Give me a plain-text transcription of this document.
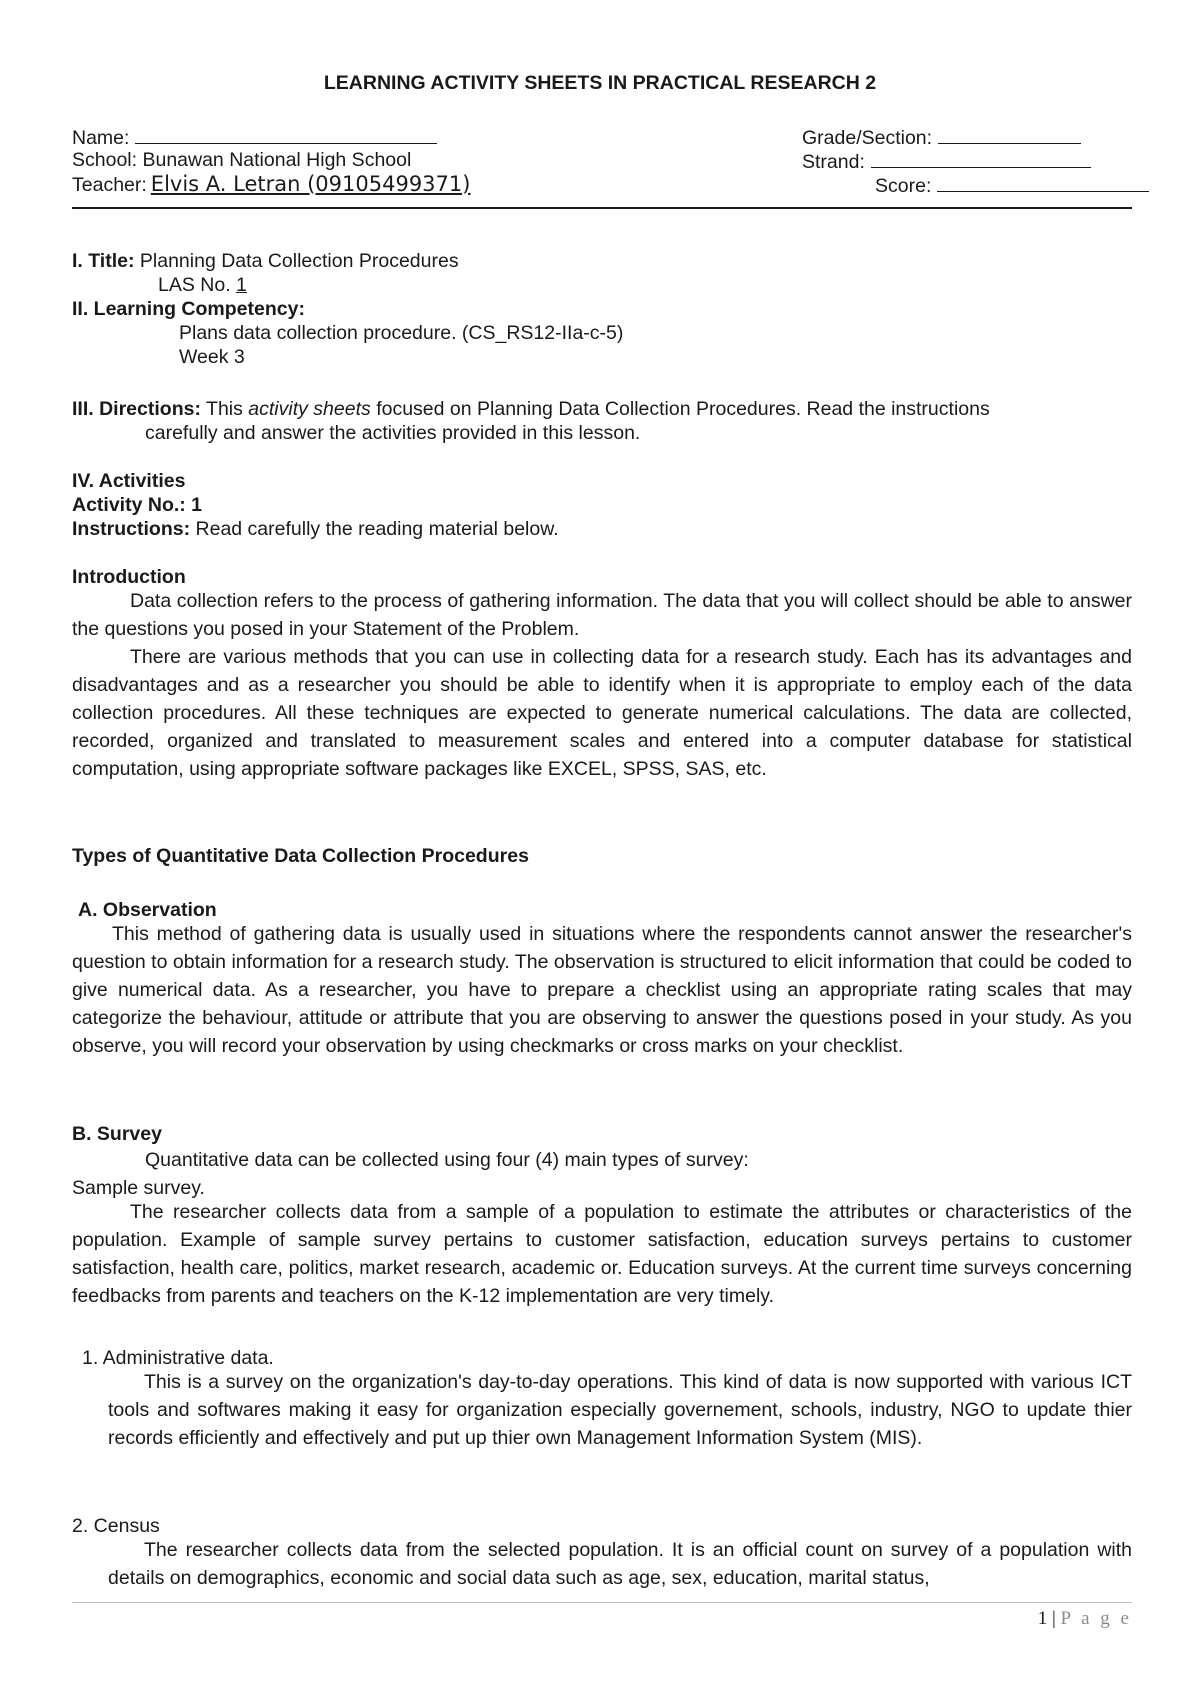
LEARNING ACTIVITY SHEETS IN PRACTICAL RESEARCH 2
Name:	Grade/Section:
School: Bunawan National High School	Strand:
Teacher: Elvis A. Letran (09105499371)	Score:
I. Title: Planning Data Collection Procedures
LAS No. 1
II. Learning Competency:
Plans data collection procedure. (CS_RS12-IIa-c-5)
Week 3
III. Directions: This activity sheets focused on Planning Data Collection Procedures. Read the instructions
carefully and answer the activities provided in this lesson.
IV. Activities
Activity No.: 1
Instructions: Read carefully the reading material below.
Introduction
Data collection refers to the process of gathering information. The data that you will collect should be able to answer the questions you posed in your Statement of the Problem.
There are various methods that you can use in collecting data for a research study. Each has its advantages and disadvantages and as a researcher you should be able to identify when it is appropriate to employ each of the data collection procedures. All these techniques are expected to generate numerical calculations. The data are collected, recorded, organized and translated to measurement scales and entered into a computer database for statistical computation, using appropriate software packages like EXCEL, SPSS, SAS, etc.
Types of Quantitative Data Collection Procedures
A. Observation
This method of gathering data is usually used in situations where the respondents cannot answer the researcher's question to obtain information for a research study. The observation is structured to elicit information that could be coded to give numerical data. As a researcher, you have to prepare a checklist using an appropriate rating scales that may categorize the behaviour, attitude or attribute that you are observing to answer the questions posed in your study. As you observe, you will record your observation by using checkmarks or cross marks on your checklist.
B. Survey
Quantitative data can be collected using four (4) main types of survey:
Sample survey.
The researcher collects data from a sample of a population to estimate the attributes or characteristics of the population. Example of sample survey pertains to customer satisfaction, education surveys pertains to customer satisfaction, health care, politics, market research, academic or. Education surveys. At the current time surveys concerning feedbacks from parents and teachers on the K-12 implementation are very timely.
1. Administrative data.
This is a survey on the organization's day-to-day operations. This kind of data is now supported with various ICT tools and softwares making it easy for organization especially governement, schools, industry, NGO to update thier records efficiently and effectively and put up thier own Management Information System (MIS).
2. Census
The researcher collects data from the selected population. It is an official count on survey of a population with details on demographics, economic and social data such as age, sex, education, marital status,
1 | P a g e
